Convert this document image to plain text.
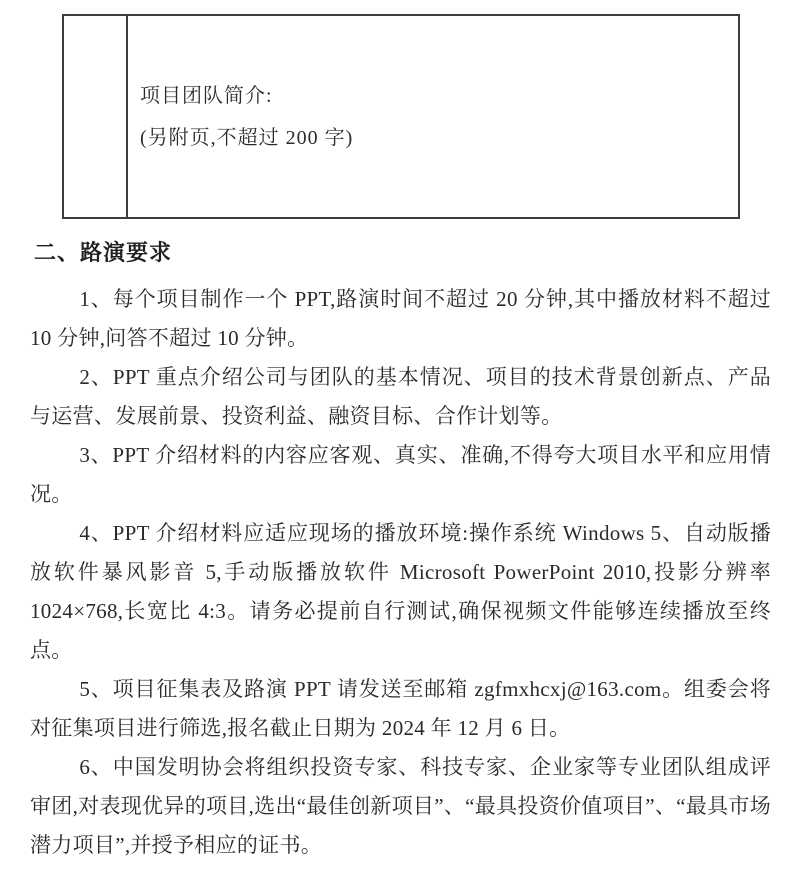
项目团队简介:

(另附页,不超过 200 字)

二、路演要求

1、每个项目制作一个 PPT,路演时间不超过 20 分钟,其中播放材料不超过 10 分钟,问答不超过 10 分钟。

2、PPT 重点介绍公司与团队的基本情况、项目的技术背景创新点、产品与运营、发展前景、投资利益、融资目标、合作计划等。

3、PPT 介绍材料的内容应客观、真实、准确,不得夸大项目水平和应用情况。

4、PPT 介绍材料应适应现场的播放环境:操作系统 Windows 5、自动版播放软件暴风影音 5,手动版播放软件 Microsoft PowerPoint 2010,投影分辨率 1024×768,长宽比 4:3。请务必提前自行测试,确保视频文件能够连续播放至终点。

5、项目征集表及路演 PPT 请发送至邮箱 zgfmxhcxj@163.com。组委会将对征集项目进行筛选,报名截止日期为 2024 年 12 月 6 日。

6、中国发明协会将组织投资专家、科技专家、企业家等专业团队组成评审团,对表现优异的项目,选出“最佳创新项目”、“最具投资价值项目”、“最具市场潜力项目”,并授予相应的证书。
